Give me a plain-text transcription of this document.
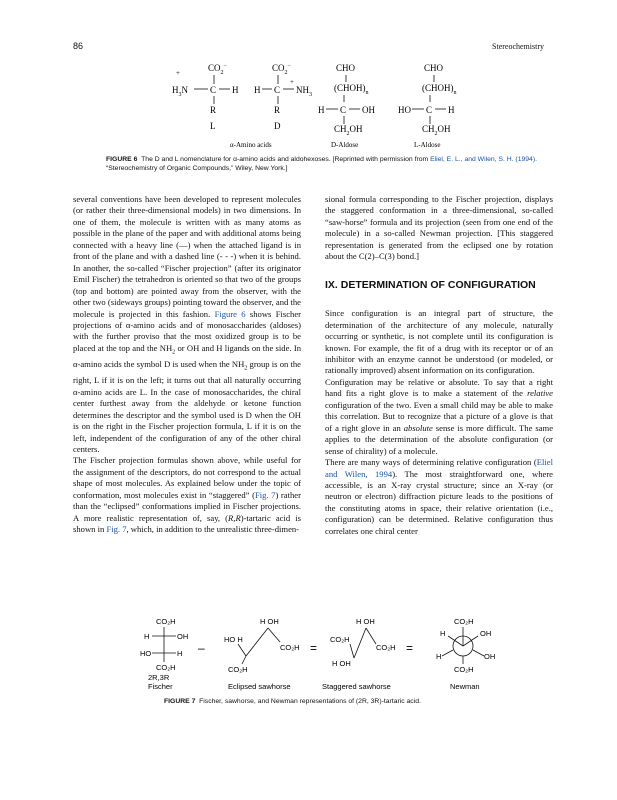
86	Stereochemistry
$CO_2^-$
+
$H_3N$ C H
R
L
$CO_2^-$
+
H C $NH_3$
R
D
CHO
$(CHOH)_n$
H C OH
$CH_2OH$
CHO
$(CHOH)_n$
HO C H
$CH_2OH$
α-Amino acids	D-Aldose	L-Aldose
FIGURE 6 The D and L nomenclature for α-amino acids and aldohexoses. [Reprinted with permission from Eliel, E. L., and Wilen, S. H. (1994). “Stereochemistry of Organic Compounds,” Wiley, New York.]

several conventions have been developed to represent molecules (or rather their three-dimensional models) in two dimensions. In one of them, the molecule is written with as many atoms as possible in the plane of the paper and with additional atoms being connected with a heavy line (—) when the attached ligand is in front of the plane and with a dashed line (- - -) when it is behind. In another, the so-called “Fischer projection” (after its originator Emil Fischer) the tetrahedron is oriented so that two of the groups (top and bottom) are pointed away from the observer, with the other two (sideways groups) pointing toward the observer, and the molecule is projected in this fashion. Figure 6 shows Fischer projections of α-amino acids and of monosaccharides (aldoses) with the further proviso that the most oxidized group is to be placed at the top and the $NH_2$ or OH and H ligands on the side. In α-amino acids the symbol D is used when the $NH_2$ group is on the right, L if it is on the left; it turns out that all naturally occurring α-amino acids are L. In the case of monosaccharides, the chiral center furthest away from the aldehyde or ketone function determines the descriptor and the symbol used is D when the OH is on the right in the Fischer projection formula, L if it is on the left, independent of the configuration of any of the other chiral centers.

The Fischer projection formulas shown above, while useful for the assignment of the descriptors, do not correspond to the actual shape of most molecules. As explained below under the topic of conformation, most molecules exist in “staggered” (Fig. 7) rather than the “eclipsed” conformations implied in Fischer projections. A more realistic representation of, say, (R,R)-tartaric acid is shown in Fig. 7, which, in addition to the unrealistic three-dimen-

sional formula corresponding to the Fischer projection, displays the staggered conformation in a three-dimensional, so-called “saw-horse” formula and its projection (seen from one end of the molecule) in a so-called Newman projection. [This staggered representation is generated from the eclipsed one by rotation about the C(2)–C(3) bond.]

IX. DETERMINATION OF CONFIGURATION

Since configuration is an integral part of structure, the determination of the architecture of any molecule, naturally occurring or synthetic, is not complete until its configuration is known. For example, the fit of a drug with its receptor or of an inhibitor with an enzyme cannot be understood (or modeled, or rationally improved) absent information on its configuration.

Configuration may be relative or absolute. To say that a right hand fits a right glove is to make a statement of the relative configuration of the two. Even a small child may be able to make this correlation. But to recognize that a picture of a glove is that of a right glove in an absolute sense is more difficult. The same applies to the determination of the absolute configuration (or sense of chirality) of a molecule.

There are many ways of determining relative configuration (Eliel and Wilen, 1994). The most straightforward one, where accessible, is an X-ray crystal structure; since an X-ray (or neutron or electron) diffraction picture leads to the positions of the constituting atoms in space, their relative orientation (i.e., configuration) can be determined. Relative configuration thus correlates one chiral center

CO₂H
H	OH
HO	H
CO₂H
2R,3R
Fischer
–
HO H
H OH
CO₂H
CO₂H
Eclipsed sawhorse
=
H OH
CO₂H
CO₂H
H OH
Staggered sawhorse
=
CO₂H
H	OH
H	OH
CO₂H
Newman
FIGURE 7 Fischer, sawhorse, and Newman representations of (2R, 3R)-tartaric acid.
